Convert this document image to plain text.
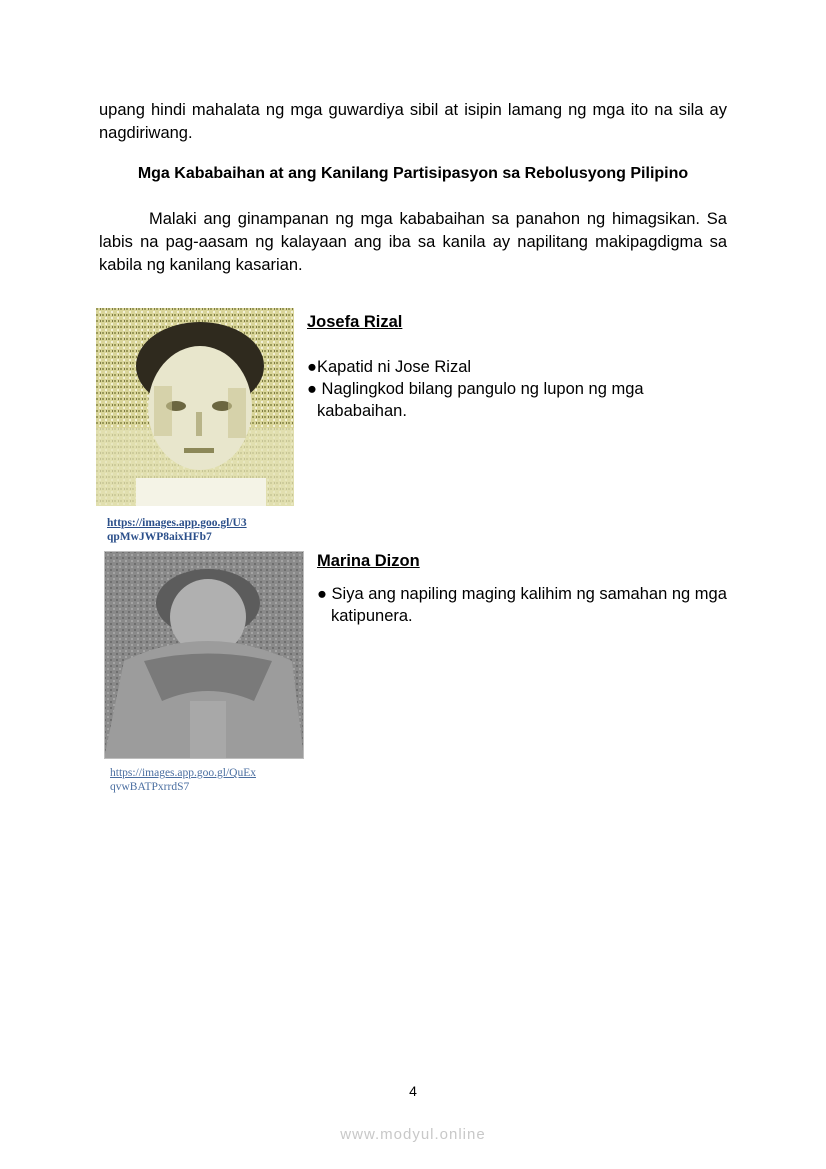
upang hindi mahalata ng mga guwardiya sibil at isipin lamang ng mga ito na sila ay nagdiriwang.

Mga Kababaihan at ang Kanilang Partisipasyon sa Rebolusyong Pilipino

Malaki ang ginampanan ng mga kababaihan sa panahon ng himagsikan. Sa labis na pag-aasam ng kalayaan ang iba sa kanila ay napilitang makipagdigma sa kabila ng kanilang kasarian.

https://images.app.goo.gl/U3
qpMwJWP8aixHFb7
Josefa Rizal
●Kapatid ni Jose Rizal
● Naglingkod bilang pangulo ng lupon ng mga
kababaihan.
https://images.app.goo.gl/QuEx
qvwBATPxrrdS7
Marina Dizon
● Siya ang napiling maging kalihim ng samahan ng mga
katipunera.
4
www.modyul.online
